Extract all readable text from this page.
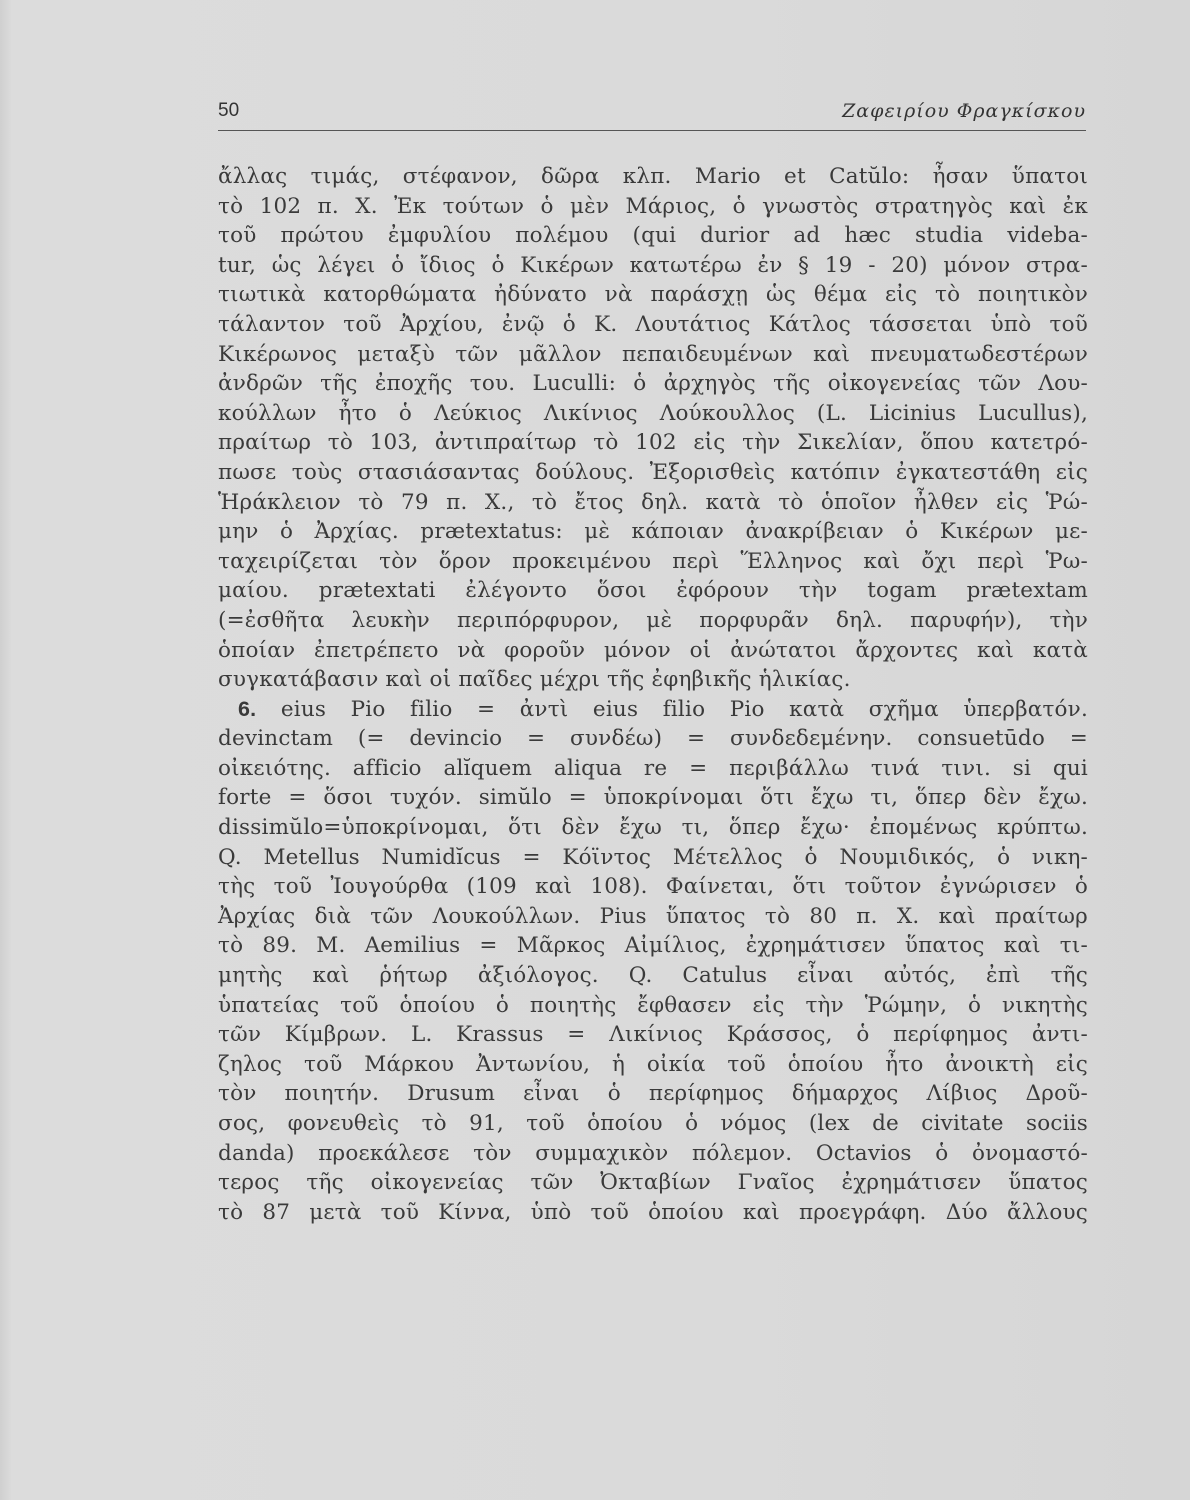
50	Ζαφειρίου Φραγκίσκου
ἄλλας τιμάς, στέφανον, δῶρα κλπ. Mario et Catŭlo: ἦσαν ὕπατοι
τὸ 102 π. Χ. Ἐκ τούτων ὁ μὲν Μάριος, ὁ γνωστὸς στρατηγὸς καὶ ἐκ
τοῦ πρώτου ἐμφυλίου πολέμου (qui durior ad hæc studia videba-
tur, ὡς λέγει ὁ ἴδιος ὁ Κικέρων κατωτέρω ἐν § 19 - 20) μόνον στρα-
τιωτικὰ κατορθώματα ἠδύνατο νὰ παράσχῃ ὡς θέμα εἰς τὸ ποιητικὸν
τάλαντον τοῦ Ἀρχίου, ἐνῷ ὁ Κ. Λουτάτιος Κάτλος τάσσεται ὑπὸ τοῦ
Κικέρωνος μεταξὺ τῶν μᾶλλον πεπαιδευμένων καὶ πνευματωδεστέρων
ἀνδρῶν τῆς ἐποχῆς του. Luculli: ὁ ἀρχηγὸς τῆς οἰκογενείας τῶν Λου-
κούλλων ἦτο ὁ Λεύκιος Λικίνιος Λούκουλλος (L. Licinius Lucullus),
πραίτωρ τὸ 103, ἀντιπραίτωρ τὸ 102 εἰς τὴν Σικελίαν, ὅπου κατετρό-
πωσε τοὺς στασιάσαντας δούλους. Ἐξορισθεὶς κατόπιν ἐγκατεστάθη εἰς
Ἡράκλειον τὸ 79 π. Χ., τὸ ἔτος δηλ. κατὰ τὸ ὁποῖον ἦλθεν εἰς Ῥώ-
μην ὁ Ἀρχίας. prætextatus: μὲ κάποιαν ἀνακρίβειαν ὁ Κικέρων με-
ταχειρίζεται τὸν ὅρον προκειμένου περὶ Ἕλληνος καὶ ὄχι περὶ Ῥω-
μαίου. prætextati ἐλέγοντο ὅσοι ἐφόρουν τὴν togam prætextam
(=ἐσθῆτα λευκὴν περιπόρφυρον, μὲ πορφυρᾶν δηλ. παρυφήν), τὴν
ὁποίαν ἐπετρέπετο νὰ φοροῦν μόνον οἱ ἀνώτατοι ἄρχοντες καὶ κατὰ
συγκατάβασιν καὶ οἱ παῖδες μέχρι τῆς ἐφηβικῆς ἡλικίας.
6. eius Pio filio = ἀντὶ eius filio Pio κατὰ σχῆμα ὑπερβατόν.
devinctam (= devincio = συνδέω) = συνδεδεμένην. consuetūdo =
οἰκειότης. afficio alĭquem aliqua re = περιβάλλω τινά τινι. si qui
forte = ὅσοι τυχόν. simŭlo = ὑποκρίνομαι ὅτι ἔχω τι, ὅπερ δὲν ἔχω.
dissimŭlo=ὑποκρίνομαι, ὅτι δὲν ἔχω τι, ὅπερ ἔχω· ἐπομένως κρύπτω.
Q. Metellus Numidĭcus = Κόϊντος Μέτελλος ὁ Νουμιδικός, ὁ νικη-
τὴς τοῦ Ἰουγούρθα (109 καὶ 108). Φαίνεται, ὅτι τοῦτον ἐγνώρισεν ὁ
Ἀρχίας διὰ τῶν Λουκούλλων. Pius ὕπατος τὸ 80 π. Χ. καὶ πραίτωρ
τὸ 89. M. Aemilius = Μᾶρκος Αἰμίλιος, ἐχρημάτισεν ὕπατος καὶ τι-
μητὴς καὶ ῥήτωρ ἀξιόλογος. Q. Catulus εἶναι αὐτός, ἐπὶ τῆς
ὑπατείας τοῦ ὁποίου ὁ ποιητὴς ἔφθασεν εἰς τὴν Ῥώμην, ὁ νικητὴς
τῶν Κίμβρων. L. Krassus = Λικίνιος Κράσσος, ὁ περίφημος ἀντι-
ζηλος τοῦ Μάρκου Ἀντωνίου, ἡ οἰκία τοῦ ὁποίου ἦτο ἀνοικτὴ εἰς
τὸν ποιητήν. Drusum εἶναι ὁ περίφημος δήμαρχος Λίβιος Δροῦ-
σος, φονευθεὶς τὸ 91, τοῦ ὁποίου ὁ νόμος (lex de civitate sociis
danda) προεκάλεσε τὸν συμμαχικὸν πόλεμον. Octavios ὁ ὀνομαστό-
τερος τῆς οἰκογενείας τῶν Ὀκταβίων Γναῖος ἐχρημάτισεν ὕπατος
τὸ 87 μετὰ τοῦ Κίννα, ὑπὸ τοῦ ὁποίου καὶ προεγράφη. Δύο ἄλλους
